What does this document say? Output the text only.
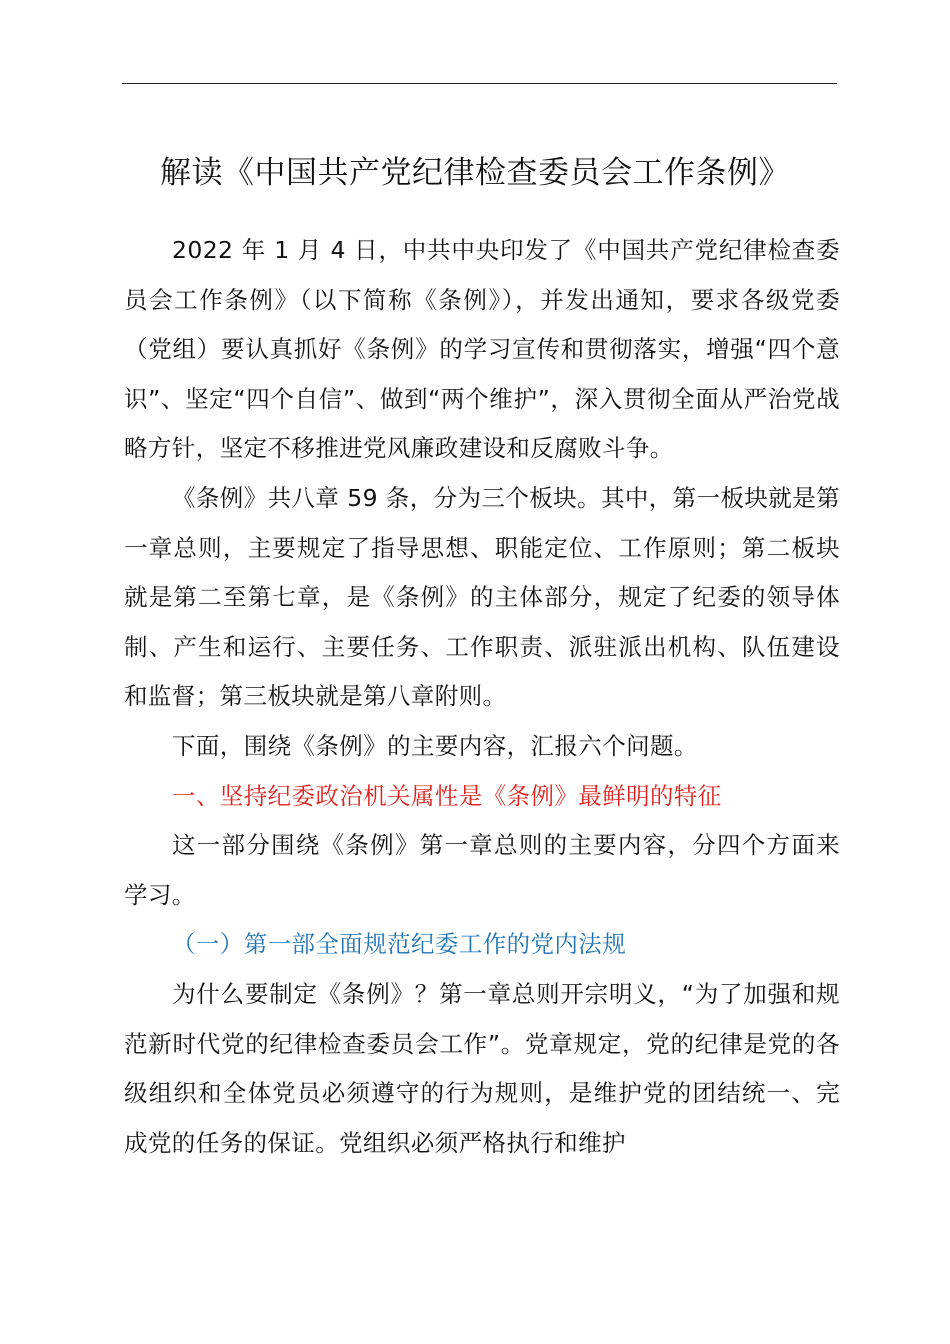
解读《中国共产党纪律检查委员会工作条例》

2022 年 1 月 4 日，中共中央印发了《中国共产党纪律检查委员会工作条例》（以下简称《条例》），并发出通知，要求各级党委（党组）要认真抓好《条例》的学习宣传和贯彻落实，增强“四个意识”、坚定“四个自信”、做到“两个维护”，深入贯彻全面从严治党战略方针，坚定不移推进党风廉政建设和反腐败斗争。

《条例》共八章 59 条，分为三个板块。其中，第一板块就是第一章总则，主要规定了指导思想、职能定位、工作原则；第二板块就是第二至第七章，是《条例》的主体部分，规定了纪委的领导体制、产生和运行、主要任务、工作职责、派驻派出机构、队伍建设和监督；第三板块就是第八章附则。

下面，围绕《条例》的主要内容，汇报六个问题。

一、坚持纪委政治机关属性是《条例》最鲜明的特征

这一部分围绕《条例》第一章总则的主要内容，分四个方面来学习。

（一）第一部全面规范纪委工作的党内法规

为什么要制定《条例》？第一章总则开宗明义，“为了加强和规范新时代党的纪律检查委员会工作”。党章规定，党的纪律是党的各级组织和全体党员必须遵守的行为规则，是维护党的团结统一、完成党的任务的保证。党组织必须严格执行和维护
